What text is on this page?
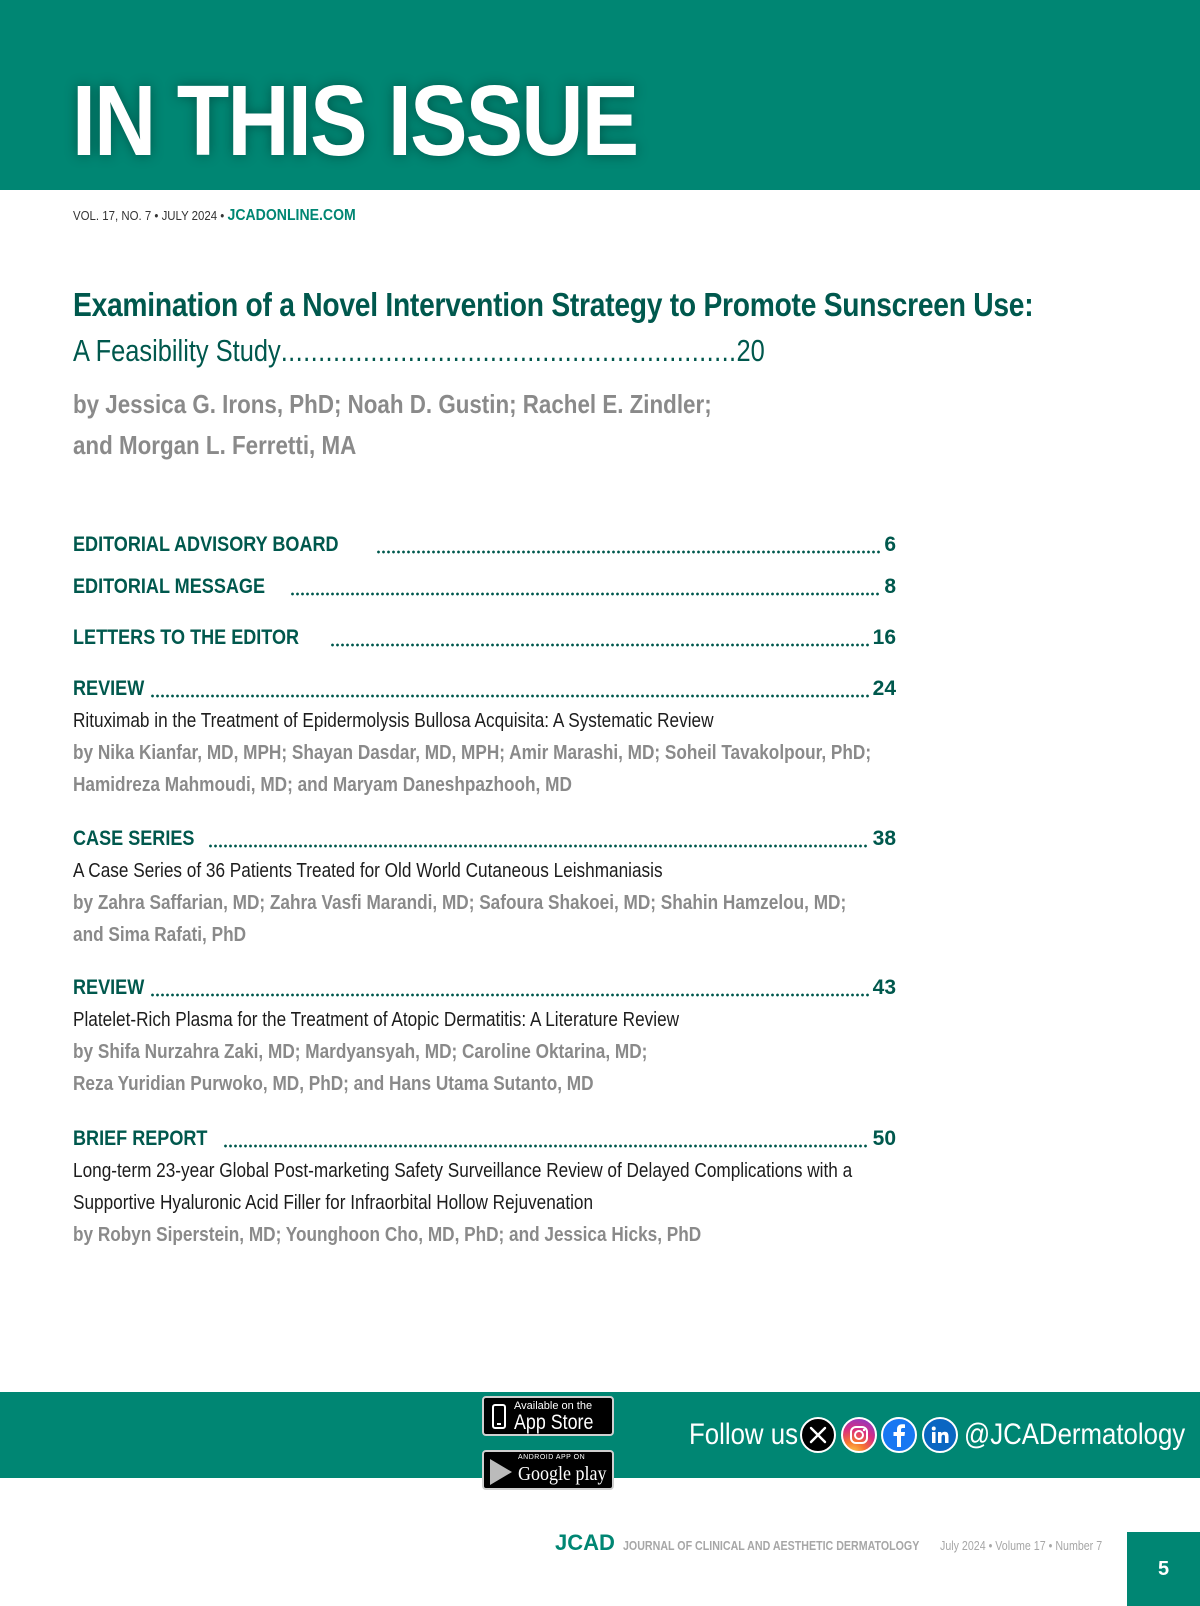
IN THIS ISSUE
VOL. 17, NO. 7 • JULY 2024 • JCADONLINE.COM
Examination of a Novel Intervention Strategy to Promote Sunscreen Use:
A Feasibility Study.............................................................20
by Jessica G. Irons, PhD; Noah D. Gustin; Rachel E. Zindler;
and Morgan L. Ferretti, MA
EDITORIAL ADVISORY BOARD	6
EDITORIAL MESSAGE	8
LETTERS TO THE EDITOR	16
REVIEW	24
Rituximab in the Treatment of Epidermolysis Bullosa Acquisita: A Systematic Review
by Nika Kianfar, MD, MPH; Shayan Dasdar, MD, MPH; Amir Marashi, MD; Soheil Tavakolpour, PhD;
Hamidreza Mahmoudi, MD; and Maryam Daneshpazhooh, MD
CASE SERIES	38
A Case Series of 36 Patients Treated for Old World Cutaneous Leishmaniasis
by Zahra Saffarian, MD; Zahra Vasfi Marandi, MD; Safoura Shakoei, MD; Shahin Hamzelou, MD;
and Sima Rafati, PhD
REVIEW	43
Platelet-Rich Plasma for the Treatment of Atopic Dermatitis: A Literature Review
by Shifa Nurzahra Zaki, MD; Mardyansyah, MD; Caroline Oktarina, MD;
Reza Yuridian Purwoko, MD, PhD; and Hans Utama Sutanto, MD
BRIEF REPORT	50
Long-term 23-year Global Post-marketing Safety Surveillance Review of Delayed Complications with a
Supportive Hyaluronic Acid Filler for Infraorbital Hollow Rejuvenation
by Robyn Siperstein, MD; Younghoon Cho, MD, PhD; and Jessica Hicks, PhD
Available on the
App Store
ANDROID APP ON
Google play
Follow us	@JCADermatology
JCAD JOURNAL OF CLINICAL AND AESTHETIC DERMATOLOGY July 2024 • Volume 17 • Number 7
5
